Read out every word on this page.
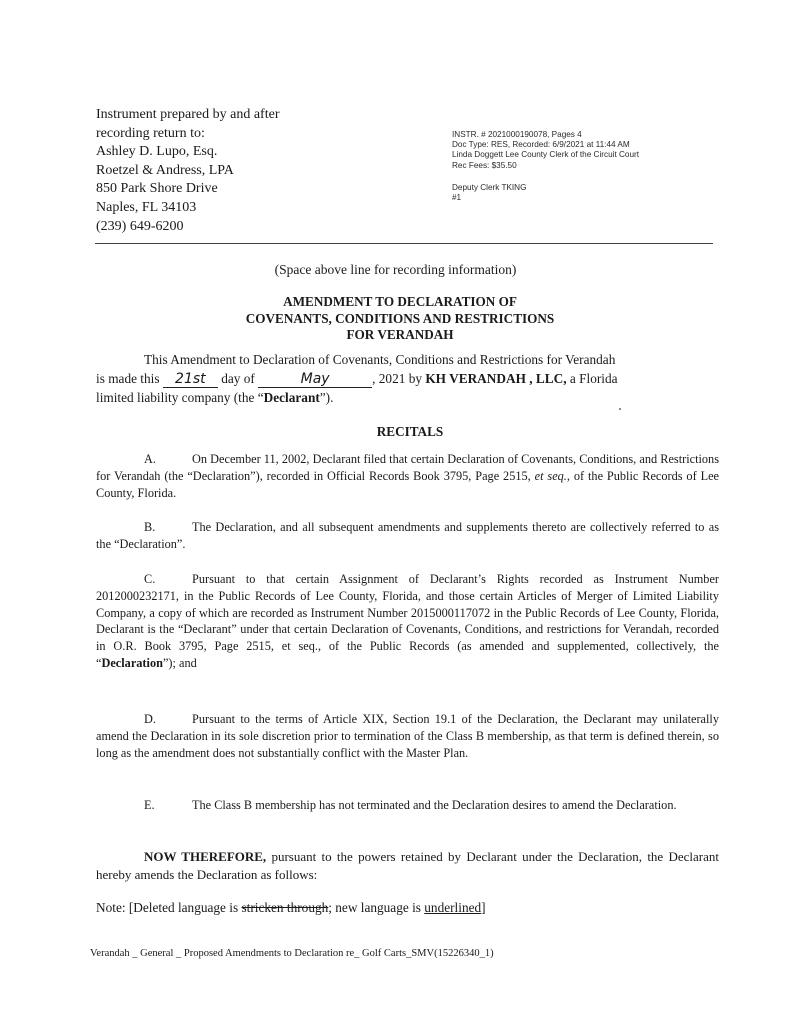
Instrument prepared by and after
recording return to:
Ashley D. Lupo, Esq.
Roetzel & Andress, LPA
850 Park Shore Drive
Naples, FL 34103
(239) 649-6200
INSTR. # 2021000190078, Pages 4
Doc Type: RES, Recorded: 6/9/2021 at 11:44 AM
Linda Doggett Lee County Clerk of the Circuit Court
Rec Fees: $35.50
Deputy Clerk TKING
#1
(Space above line for recording information)
AMENDMENT TO DECLARATION OF
COVENANTS, CONDITIONS AND RESTRICTIONS
FOR VERANDAH
This Amendment to Declaration of Covenants, Conditions and Restrictions for Verandah
is made this 21st day of	May	, 2021 by KH VERANDAH , LLC, a Florida
limited liability company (the “Declarant”).
RECITALS
A.	On December 11, 2002, Declarant filed that certain Declaration of Covenants, Conditions, and Restrictions for Verandah (the “Declaration”), recorded in Official Records Book 3795, Page 2515, et seq., of the Public Records of Lee County, Florida.
B.	The Declaration, and all subsequent amendments and supplements thereto are collectively referred to as the “Declaration”.
C.	Pursuant to that certain Assignment of Declarant’s Rights recorded as Instrument Number 2012000232171, in the Public Records of Lee County, Florida, and those certain Articles of Merger of Limited Liability Company, a copy of which are recorded as Instrument Number 2015000117072 in the Public Records of Lee County, Florida, Declarant is the “Declarant” under that certain Declaration of Covenants, Conditions, and restrictions for Verandah, recorded in O.R. Book 3795, Page 2515, et seq., of the Public Records (as amended and supplemented, collectively, the “Declaration”); and
D.	Pursuant to the terms of Article XIX, Section 19.1 of the Declaration, the Declarant may unilaterally amend the Declaration in its sole discretion prior to termination of the Class B membership, as that term is defined therein, so long as the amendment does not substantially conflict with the Master Plan.
E.	The Class B membership has not terminated and the Declaration desires to amend the Declaration.
NOW THEREFORE, pursuant to the powers retained by Declarant under the Declaration, the Declarant hereby amends the Declaration as follows:
Note: [Deleted language is stricken through; new language is underlined]
Verandah _ General _ Proposed Amendments to Declaration re_ Golf Carts_SMV(15226340_1)
